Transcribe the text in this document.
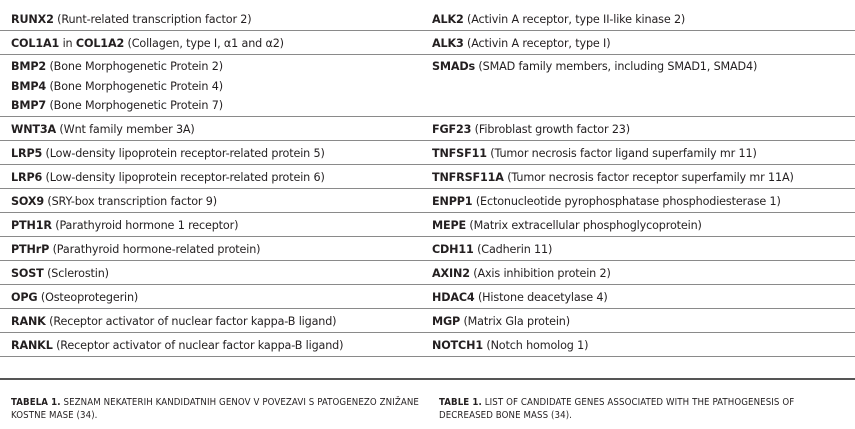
RUNX2 (Runt-related transcription factor 2)	ALK2 (Activin A receptor, type II-like kinase 2)

COL1A1 in COL1A2 (Collagen, type I, α1 and α2)	ALK3 (Activin A receptor, type I)

BMP2 (Bone Morphogenetic Protein 2)
BMP4 (Bone Morphogenetic Protein 4)
BMP7 (Bone Morphogenetic Protein 7)	SMADs (SMAD family members, including SMAD1, SMAD4)

WNT3A (Wnt family member 3A)	FGF23 (Fibroblast growth factor 23)

LRP5 (Low-density lipoprotein receptor-related protein 5)	TNFSF11 (Tumor necrosis factor ligand superfamily mr 11)

LRP6 (Low-density lipoprotein receptor-related protein 6)	TNFRSF11A (Tumor necrosis factor receptor superfamily mr 11A)

SOX9 (SRY-box transcription factor 9)	ENPP1 (Ectonucleotide pyrophosphatase phosphodiesterase 1)

PTH1R (Parathyroid hormone 1 receptor)	MEPE (Matrix extracellular phosphoglycoprotein)

PTHrP (Parathyroid hormone-related protein)	CDH11 (Cadherin 11)

SOST (Sclerostin)	AXIN2 (Axis inhibition protein 2)

OPG (Osteoprotegerin)	HDAC4 (Histone deacetylase 4)

RANK (Receptor activator of nuclear factor kappa-B ligand)	MGP (Matrix Gla protein)

RANKL (Receptor activator of nuclear factor kappa-B ligand)	NOTCH1 (Notch homolog 1)
TABELA 1. SEZNAM NEKATERIH KANDIDATNIH GENOV V POVEZAVI S PATOGENEZO ZNIŽANE KOSTNE MASE (34).
TABLE 1. LIST OF CANDIDATE GENES ASSOCIATED WITH THE PATHOGENESIS OF DECREASED BONE MASS (34).
